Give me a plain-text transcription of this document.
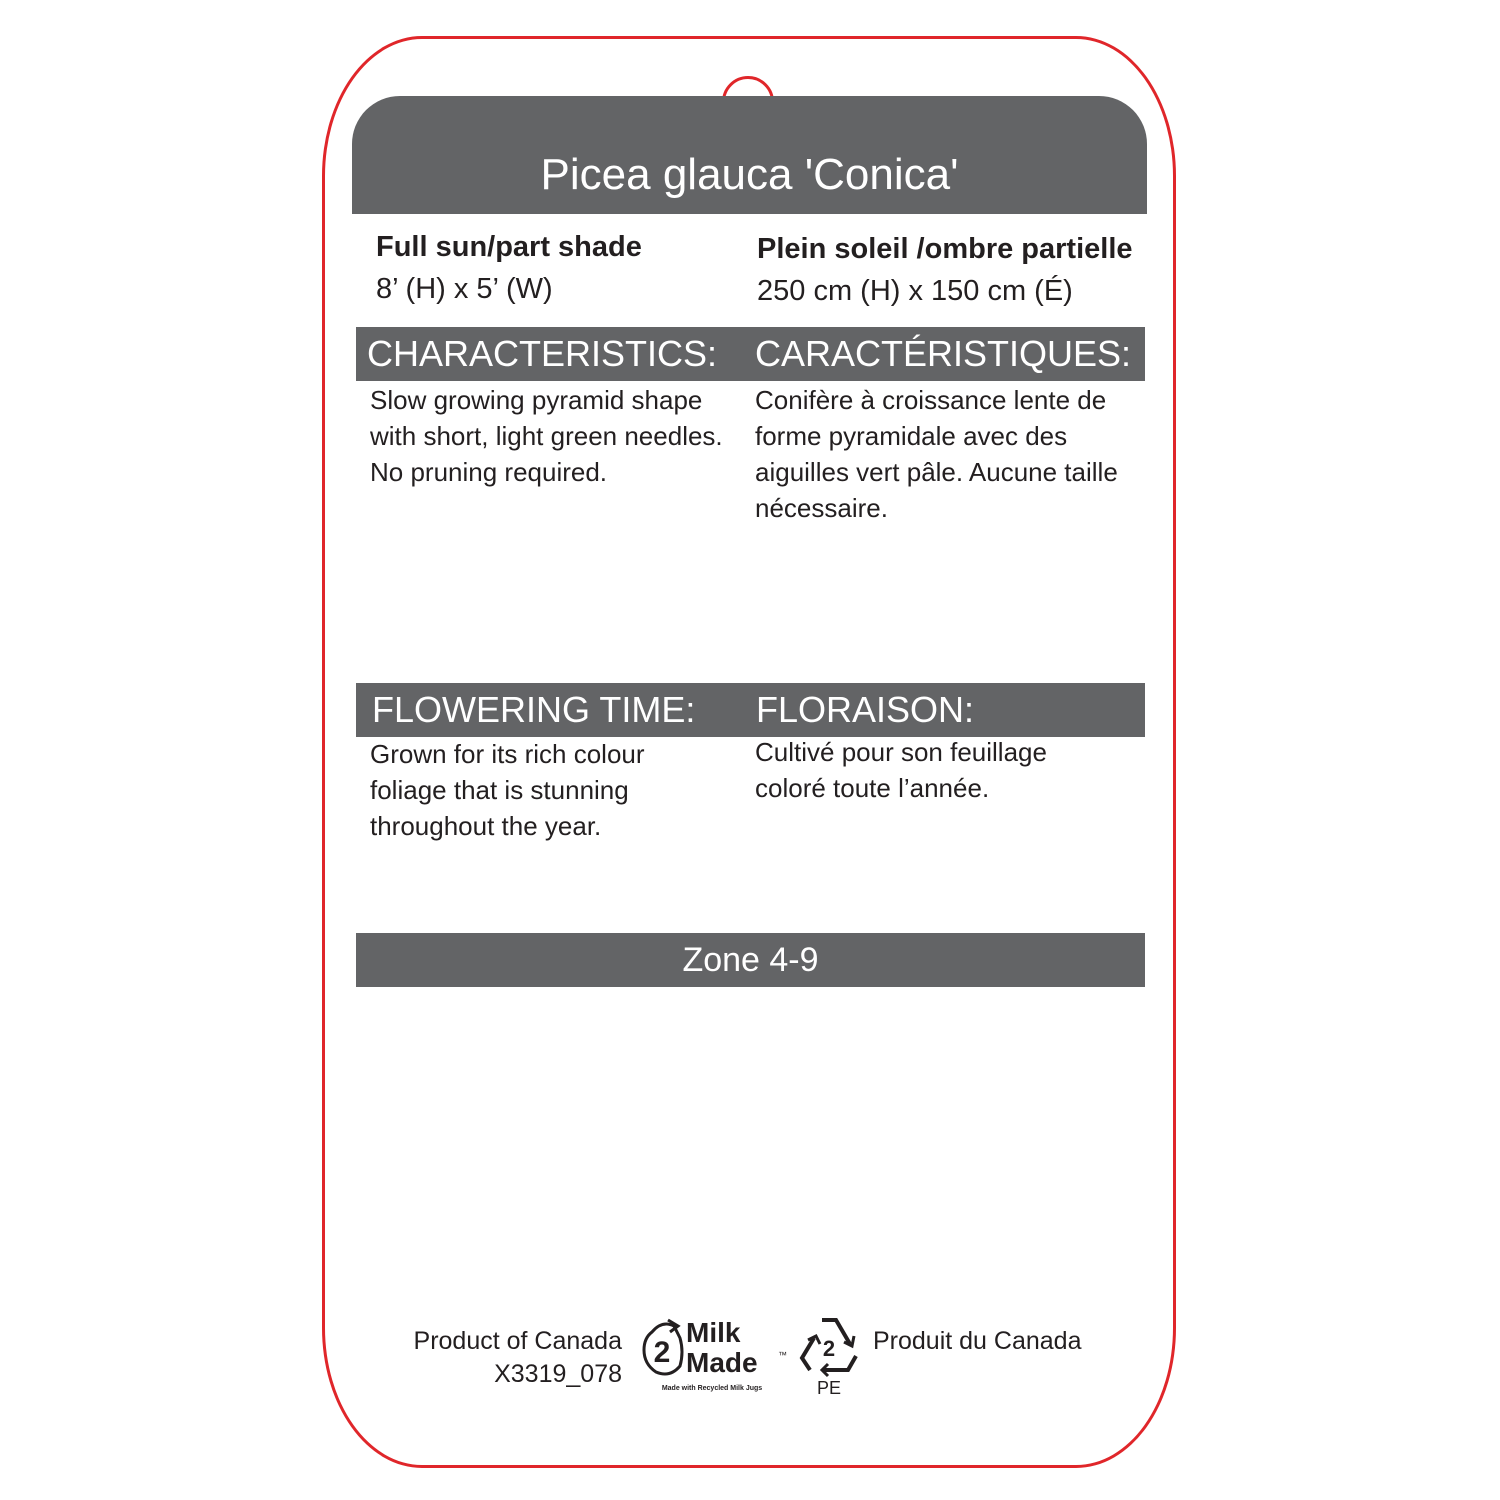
Picea glauca 'Conica'
Full sun/part shade
8’ (H) x 5’ (W)
Plein soleil /ombre partielle
250 cm (H) x 150 cm (É)
CHARACTERISTICS: CARACTÉRISTIQUES:
Slow growing pyramid shape
with short, light green needles.
No pruning required.
Conifère à croissance lente de
forme pyramidale avec des
aiguilles vert pâle. Aucune taille
nécessaire.
FLOWERING TIME: FLORAISON:
Grown for its rich colour
foliage that is stunning
throughout the year.
Cultivé pour son feuillage
coloré toute l’année.
Zone 4-9
Product of Canada
X3319_078
2
Milk
Made ™
Made with Recycled Milk Jugs
2
PE
Produit du Canada
